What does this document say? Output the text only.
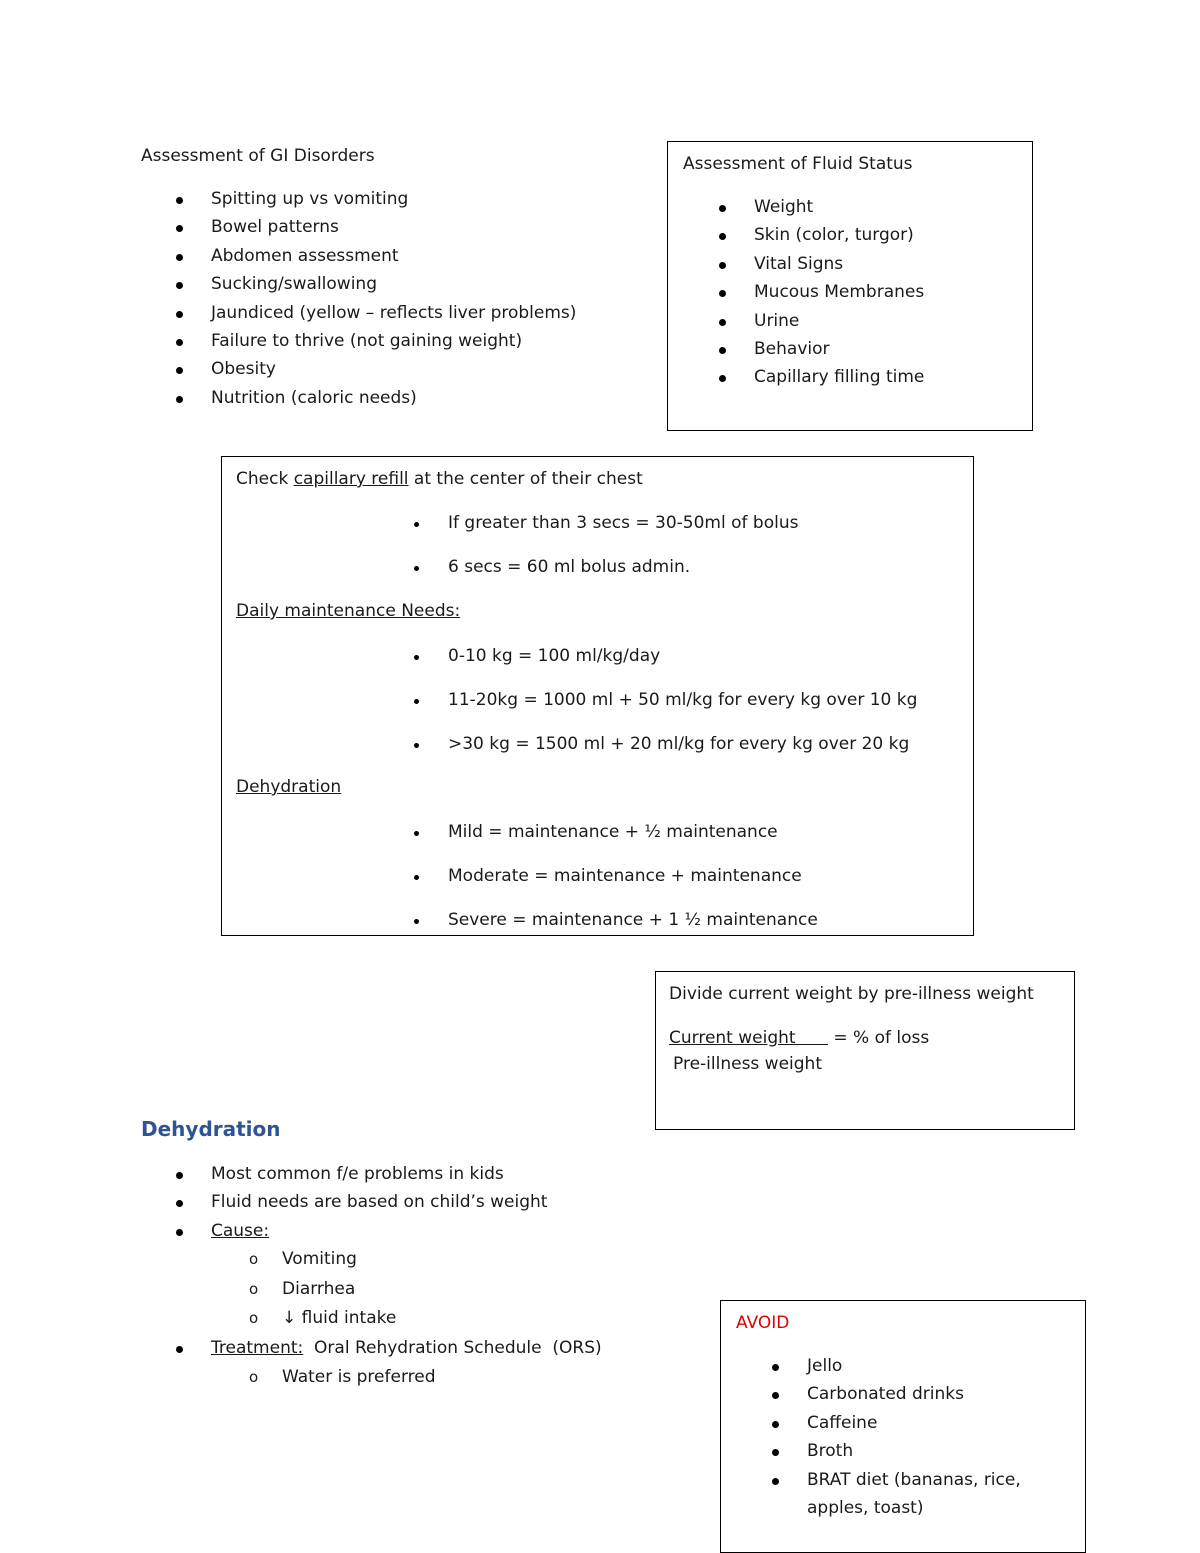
Assessment of GI Disorders
Spitting up vs vomiting
Bowel patterns
Abdomen assessment
Sucking/swallowing
Jaundiced (yellow – reflects liver problems)
Failure to thrive (not gaining weight)
Obesity
Nutrition (caloric needs)
Assessment of Fluid Status
Weight
Skin (color, turgor)
Vital Signs
Mucous Membranes
Urine
Behavior
Capillary filling time
Check capillary refill at the center of their chest
If greater than 3 secs = 30-50ml of bolus
6 secs = 60 ml bolus admin.
Daily maintenance Needs:
0-10 kg = 100 ml/kg/day
11-20kg = 1000 ml + 50 ml/kg for every kg over 10 kg
>30 kg = 1500 ml + 20 ml/kg for every kg over 20 kg
Dehydration
Mild = maintenance + ½ maintenance
Moderate = maintenance + maintenance
Severe = maintenance + 1 ½ maintenance
Divide current weight by pre-illness weight
Current weight       = % of loss
Pre-illness weight
Dehydration
Most common f/e problems in kids
Fluid needs are based on child’s weight
Cause:
o Vomiting
o Diarrhea
o ↓ fluid intake
Treatment:  Oral Rehydration Schedule  (ORS)
o Water is preferred
AVOID
Jello
Carbonated drinks
Caffeine
Broth
BRAT diet (bananas, rice,
apples, toast)
